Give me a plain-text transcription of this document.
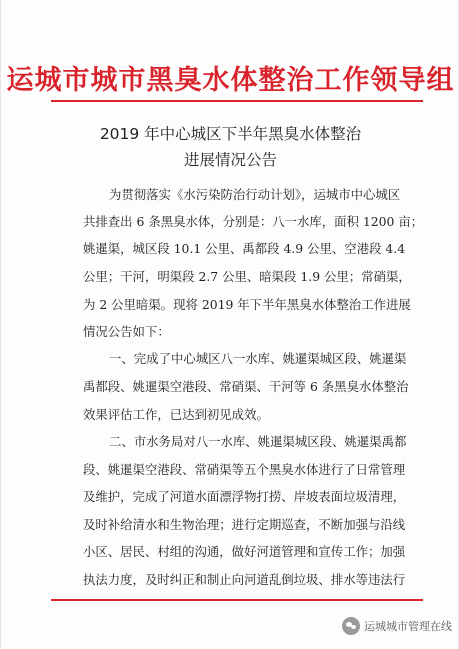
运城市城市黑臭水体整治工作领导组
2019 年中心城区下半年黑臭水体整治
进展情况公告
为贯彻落实《水污染防治行动计划》，运城市中心城区
共排查出 6 条黑臭水体，分别是：八一水库，面积 1200 亩；
姚暹渠，城区段 10.1 公里、禹都段 4.9 公里、空港段 4.4
公里；干河，明渠段 2.7 公里、暗渠段 1.9 公里；常硝渠，
为 2 公里暗渠。现将 2019 年下半年黑臭水体整治工作进展
情况公告如下：
一、完成了中心城区八一水库、姚暹渠城区段、姚暹渠
禹都段、姚暹渠空港段、常硝渠、干河等 6 条黑臭水体整治
效果评估工作，已达到初见成效。
二、市水务局对八一水库、姚暹渠城区段、姚暹渠禹都
段、姚暹渠空港段、常硝渠等五个黑臭水体进行了日常管理
及维护，完成了河道水面漂浮物打捞、岸坡表面垃圾清理，
及时补给清水和生物治理；进行定期巡查，不断加强与沿线
小区、居民、村组的沟通，做好河道管理和宣传工作；加强
执法力度，及时纠正和制止向河道乱倒垃圾、排水等违法行
运城城市管理在线
